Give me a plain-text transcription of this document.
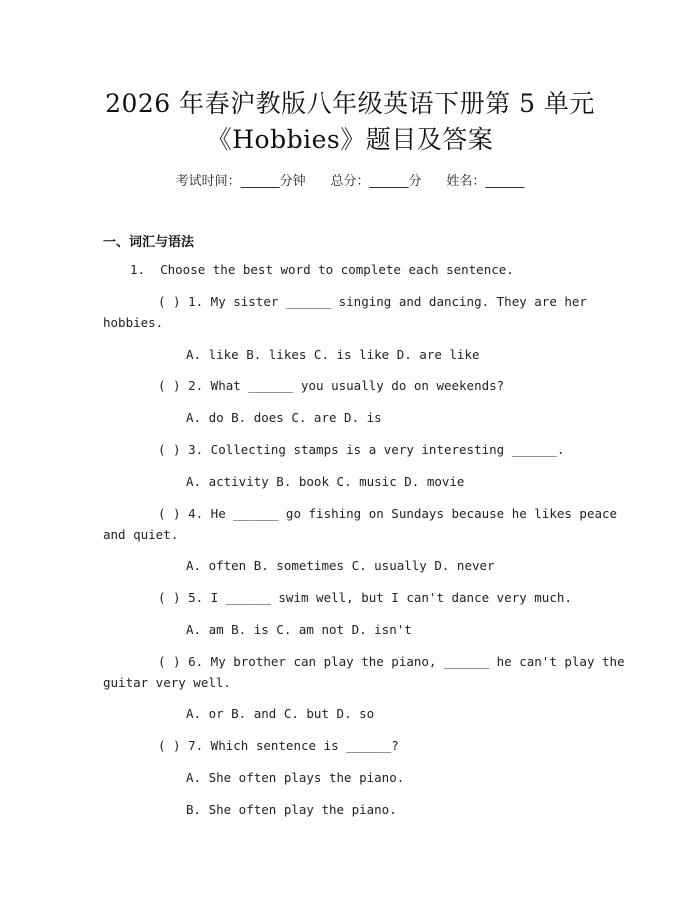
2026 年春沪教版八年级英语下册第 5 单元
《Hobbies》题目及答案
考试时间：______分钟 总分：______分 姓名：______
一、词汇与语法
1.  Choose the best word to complete each sentence.
( ) 1. My sister ______ singing and dancing. They are her
hobbies.
A. like B. likes C. is like D. are like
( ) 2. What ______ you usually do on weekends?
A. do B. does C. are D. is
( ) 3. Collecting stamps is a very interesting ______.
A. activity B. book C. music D. movie
( ) 4. He ______ go fishing on Sundays because he likes peace
and quiet.
A. often B. sometimes C. usually D. never
( ) 5. I ______ swim well, but I can't dance very much.
A. am B. is C. am not D. isn't
( ) 6. My brother can play the piano, ______ he can't play the
guitar very well.
A. or B. and C. but D. so
( ) 7. Which sentence is ______?
A. She often plays the piano.
B. She often play the piano.
